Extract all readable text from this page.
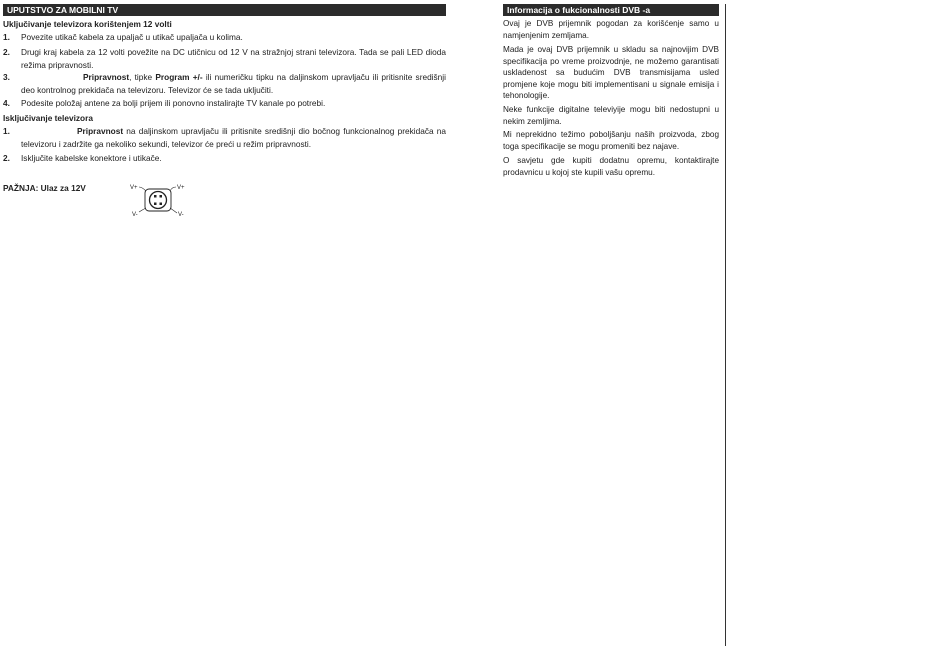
UPUTSTVO ZA MOBILNI TV
Uključivanje televizora korištenjem 12 volti
1. Povezite utikač kabela za upaljač u utikač upaljača u kolima.
2. Drugi kraj kabela za 12 volti povežite na DC utičnicu od 12 V na stražnjoj strani televizora. Tada se pali LED dioda režima pripravnosti.
3.	Pripravnost, tipke Program +/- ili numeričku tipku na daljinskom upravljaču ili pritisnite središnji deo kontrolnog prekidača na televizoru. Televizor će se tada uključiti.
4. Podesite položaj antene za bolji prijem ili ponovno instalirajte TV kanale po potrebi.
Isključivanje televizora
1.	Pripravnost na daljinskom upravljaču ili pritisnite središnji dio bočnog funkcionalnog prekidača na televizoru i zadržite ga nekoliko sekundi, televizor će preći u režim pripravnosti.
2. Isključite kabelske konektore i utikače.
PAŽNJA: Ulaz za 12V	V+	V+
V-	V-
Informacija o fukcionalnosti DVB -a
Ovaj je DVB prijemnik pogodan za korišćenje samo u namjenjenim zemljama.
Mada je ovaj DVB prijemnik u skladu sa najnovijim DVB specifikacija po vreme proizvodnje, ne možemo garantisati uskladenost sa budućim DVB transmisijama usled promjene koje mogu biti implementisani u signale emisija i tehonologije.
Neke funkcije digitalne televiyije mogu biti nedostupni u nekim zemljima.
Mi neprekidno težimo poboljšanju naših proizvoda, zbog toga specifikacije se mogu promeniti bez najave.
O savjetu gde kupiti dodatnu opremu, kontaktirajte prodavnicu u kojoj ste kupili vašu opremu.
